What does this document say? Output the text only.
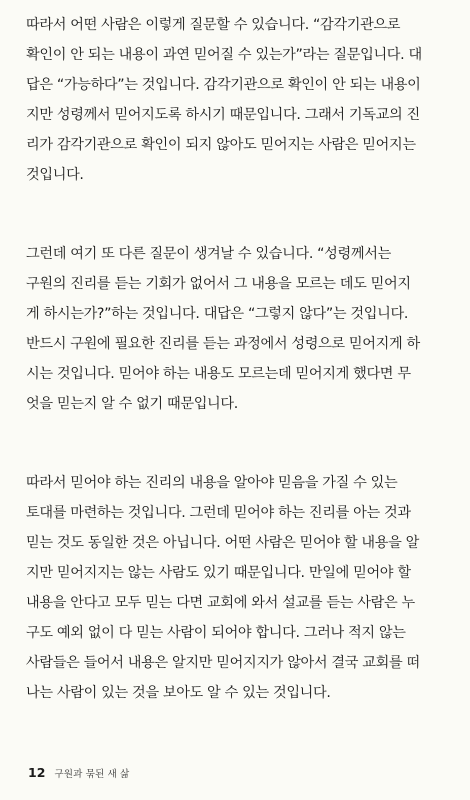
따라서 어떤 사람은 이렇게 질문할 수 있습니다. “감각기관으로
확인이 안 되는 내용이 과연 믿어질 수 있는가”라는 질문입니다. 대
답은 “가능하다”는 것입니다. 감각기관으로 확인이 안 되는 내용이
지만 성령께서 믿어지도록 하시기 때문입니다. 그래서 기독교의 진
리가 감각기관으로 확인이 되지 않아도 믿어지는 사람은 믿어지는
것입니다.
그런데 여기 또 다른 질문이 생겨날 수 있습니다. “성령께서는
구원의 진리를 듣는 기회가 없어서 그 내용을 모르는 데도 믿어지
게 하시는가?”하는 것입니다. 대답은 “그렇지 않다”는 것입니다.
반드시 구원에 필요한 진리를 듣는 과정에서 성령으로 믿어지게 하
시는 것입니다. 믿어야 하는 내용도 모르는데 믿어지게 했다면 무
엇을 믿는지 알 수 없기 때문입니다.
따라서 믿어야 하는 진리의 내용을 알아야 믿음을 가질 수 있는
토대를 마련하는 것입니다. 그런데 믿어야 하는 진리를 아는 것과
믿는 것도 동일한 것은 아닙니다. 어떤 사람은 믿어야 할 내용을 알
지만 믿어지지는 않는 사람도 있기 때문입니다. 만일에 믿어야 할
내용을 안다고 모두 믿는 다면 교회에 와서 설교를 듣는 사람은 누
구도 예외 없이 다 믿는 사람이 되어야 합니다. 그러나 적지 않는
사람들은 들어서 내용은 알지만 믿어지지가 않아서 결국 교회를 떠
나는 사람이 있는 것을 보아도 알 수 있는 것입니다.
12 구원과 묶된 새 삶
